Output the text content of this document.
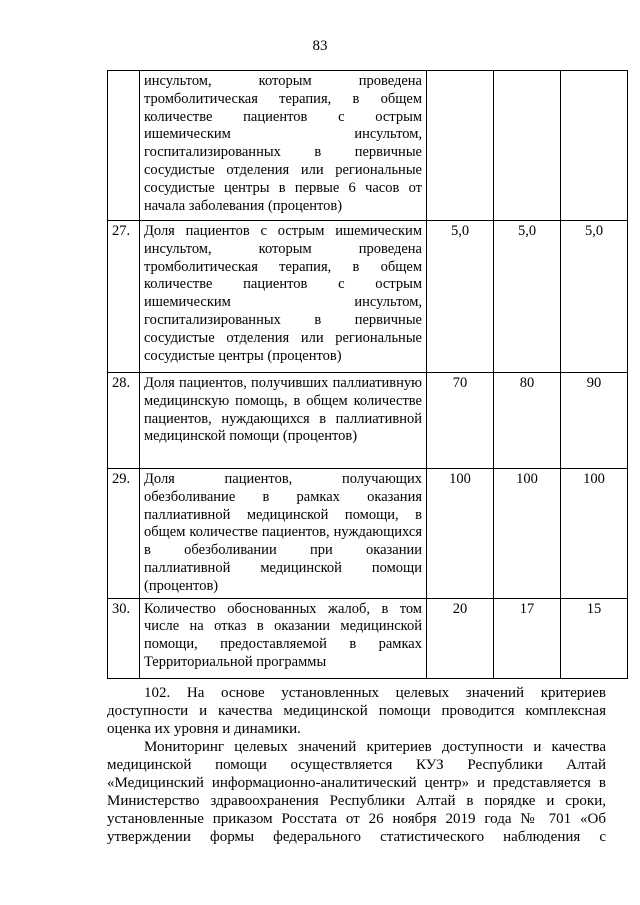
83
	инсультом, которым проведена тромболитическая терапия, в общем количестве пациентов с острым ишемическим инсультом, госпитализированных в первичные сосудистые отделения или региональные сосудистые центры в первые 6 часов от начала заболевания (процентов)			
27.	Доля пациентов с острым ишемическим инсультом, которым проведена тромболитическая терапия, в общем количестве пациентов с острым ишемическим инсультом, госпитализированных в первичные сосудистые отделения или региональные сосудистые центры (процентов)	5,0	5,0	5,0
28.	Доля пациентов, получивших паллиативную медицинскую помощь, в общем количестве пациентов, нуждающихся в паллиативной медицинской помощи (процентов)	70	80	90
29.	Доля пациентов, получающих обезболивание в рамках оказания паллиативной медицинской помощи, в общем количестве пациентов, нуждающихся в обезболивании при оказании паллиативной медицинской помощи (процентов)	100	100	100
30.	Количество обоснованных жалоб, в том числе на отказ в оказании медицинской помощи, предоставляемой в рамках Территориальной программы	20	17	15

102. На основе установленных целевых значений критериев доступности и качества медицинской помощи проводится комплексная оценка их уровня и динамики.

Мониторинг целевых значений критериев доступности и качества медицинской помощи осуществляется КУЗ Республики Алтай «Медицинский информационно-аналитический центр» и представляется в Министерство здравоохранения Республики Алтай в порядке и сроки, установленные приказом Росстата от 26 ноября 2019 года № 701 «Об утверждении формы федерального статистического наблюдения с
